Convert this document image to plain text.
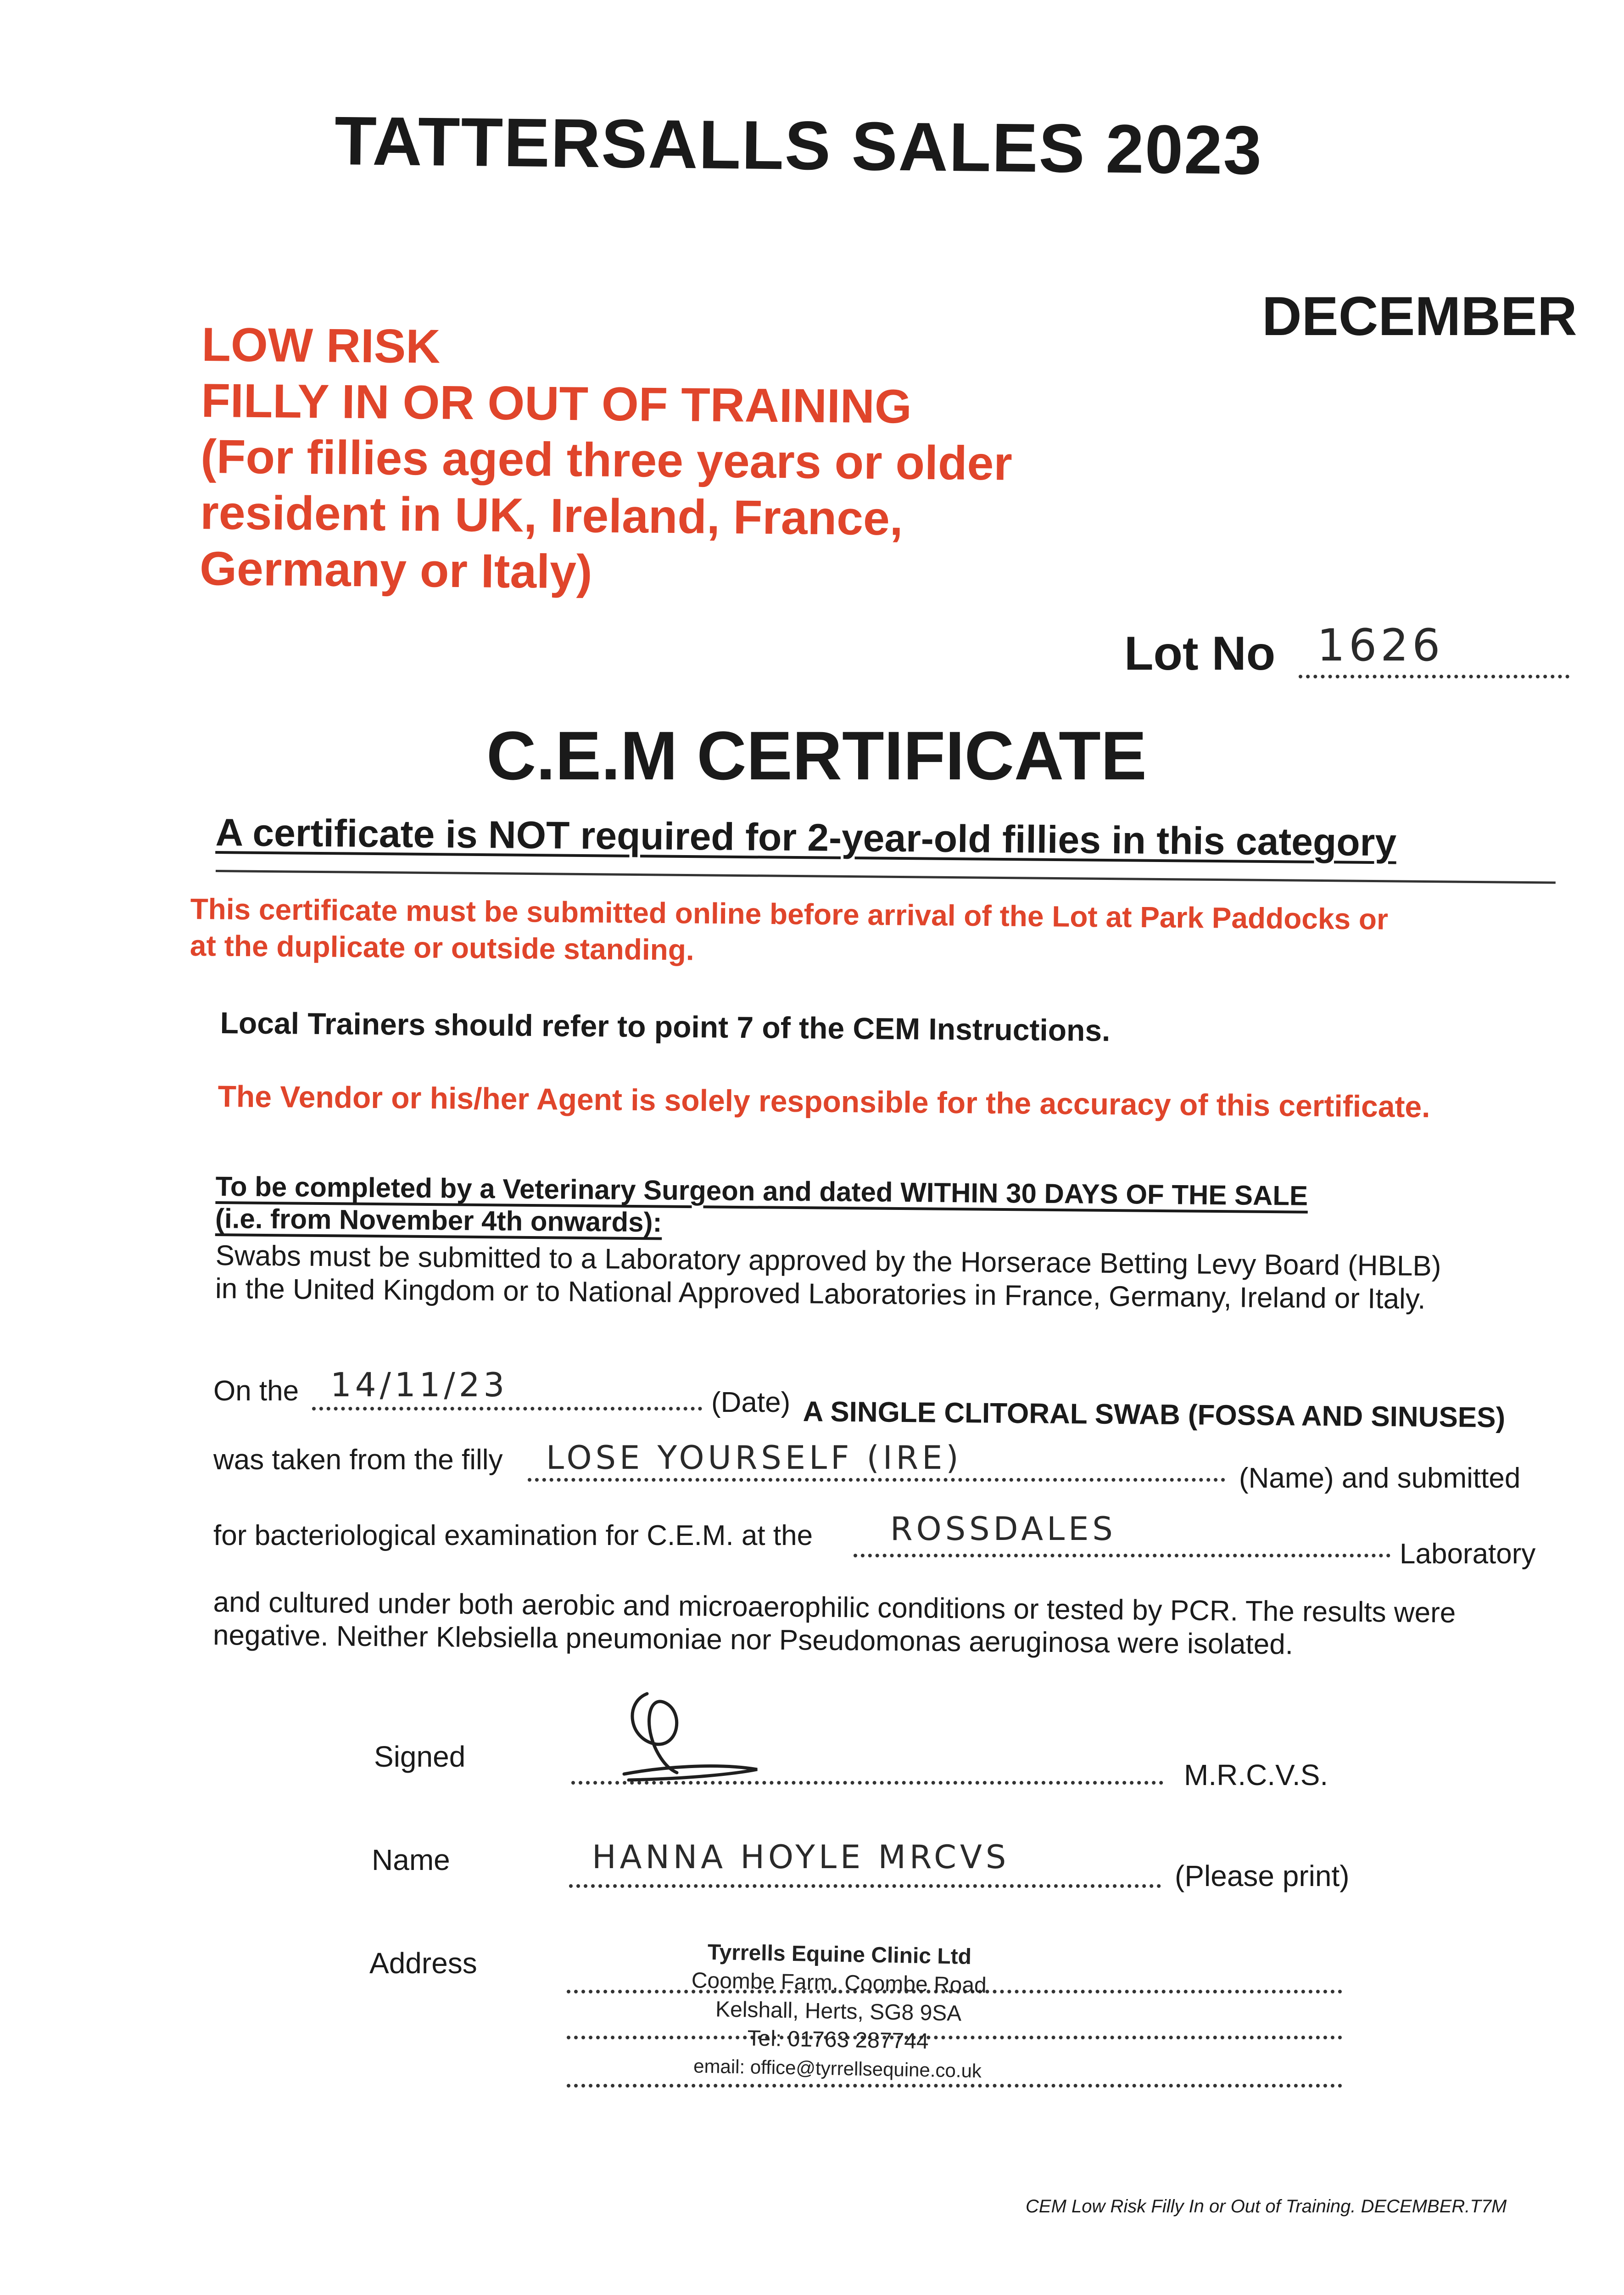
TATTERSALLS SALES 2023
DECEMBER
LOW RISK
FILLY IN OR OUT OF TRAINING
(For fillies aged three years or older
resident in UK, Ireland, France,
Germany or Italy)
Lot No 1626
C.E.M CERTIFICATE
A certificate is NOT required for 2-year-old fillies in this category
This certificate must be submitted online before arrival of the Lot at Park Paddocks or
at the duplicate or outside standing.
Local Trainers should refer to point 7 of the CEM Instructions.
The Vendor or his/her Agent is solely responsible for the accuracy of this certificate.
To be completed by a Veterinary Surgeon and dated WITHIN 30 DAYS OF THE SALE
(i.e. from November 4th onwards):
Swabs must be submitted to a Laboratory approved by the Horserace Betting Levy Board (HBLB)
in the United Kingdom or to National Approved Laboratories in France, Germany, Ireland or Italy.
On the 14/11/23	(Date) A SINGLE CLITORAL SWAB (FOSSA AND SINUSES)
was taken from the filly LOSE YOURSELF (IRE)
(Name) and submitted
for bacteriological examination for C.E.M. at the ROSSDALES
Laboratory
and cultured under both aerobic and microaerophilic conditions or tested by PCR. The results were
negative. Neither Klebsiella pneumoniae nor Pseudomonas aeruginosa were isolated.
Signed
M.R.C.V.S.
Name	HANNA HOYLE MRCVS	(Please print)
Address	Tyrrells Equine Clinic Ltd
Coombe Farm, Coombe Road
Kelshall, Herts, SG8 9SA
Tel: 01763 287744
email: office@tyrrellsequine.co.uk
CEM Low Risk Filly In or Out of Training. DECEMBER.T7M
